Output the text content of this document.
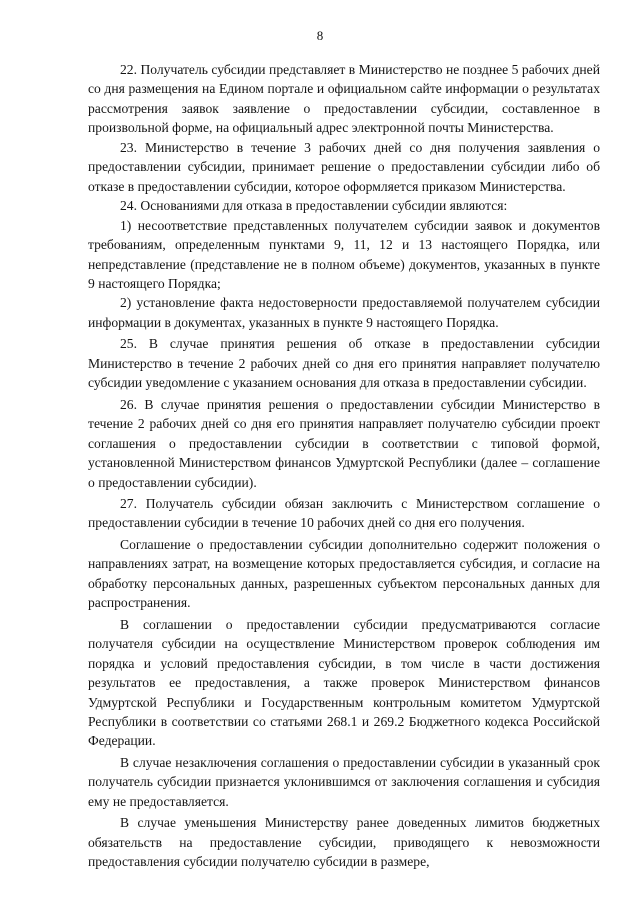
8

22. Получатель субсидии представляет в Министерство не позднее 5 рабочих дней со дня размещения на Едином портале и официальном сайте информации о результатах рассмотрения заявок заявление о предоставлении субсидии, составленное в произвольной форме, на официальный адрес электронной почты Министерства.

23. Министерство в течение 3 рабочих дней со дня получения заявления о предоставлении субсидии, принимает решение о предоставлении субсидии либо об отказе в предоставлении субсидии, которое оформляется приказом Министерства.

24. Основаниями для отказа в предоставлении субсидии являются:

1) несоответствие представленных получателем субсидии заявок и документов требованиям, определенным пунктами 9, 11, 12 и 13 настоящего Порядка, или непредставление (представление не в полном объеме) документов, указанных в пункте 9 настоящего Порядка;

2) установление факта недостоверности предоставляемой получателем субсидии информации в документах, указанных в пункте 9 настоящего Порядка.

25. В случае принятия решения об отказе в предоставлении субсидии Министерство в течение 2 рабочих дней со дня его принятия направляет получателю субсидии уведомление с указанием основания для отказа в предоставлении субсидии.

26. В случае принятия решения о предоставлении субсидии Министерство в течение 2 рабочих дней со дня его принятия направляет получателю субсидии проект соглашения о предоставлении субсидии в соответствии с типовой формой, установленной Министерством финансов Удмуртской Республики (далее – соглашение о предоставлении субсидии).

27. Получатель субсидии обязан заключить с Министерством соглашение о предоставлении субсидии в течение 10 рабочих дней со дня его получения.

Соглашение о предоставлении субсидии дополнительно содержит положения о направлениях затрат, на возмещение которых предоставляется субсидия, и согласие на обработку персональных данных, разрешенных субъектом персональных данных для распространения.

В соглашении о предоставлении субсидии предусматриваются согласие получателя субсидии на осуществление Министерством проверок соблюдения им порядка и условий предоставления субсидии, в том числе в части достижения результатов ее предоставления, а также проверок Министерством финансов Удмуртской Республики и Государственным контрольным комитетом Удмуртской Республики в соответствии со статьями 268.1 и 269.2 Бюджетного кодекса Российской Федерации.

В случае незаключения соглашения о предоставлении субсидии в указанный срок получатель субсидии признается уклонившимся от заключения соглашения и субсидия ему не предоставляется.

В случае уменьшения Министерству ранее доведенных лимитов бюджетных обязательств на предоставление субсидии, приводящего к невозможности предоставления субсидии получателю субсидии в размере,
